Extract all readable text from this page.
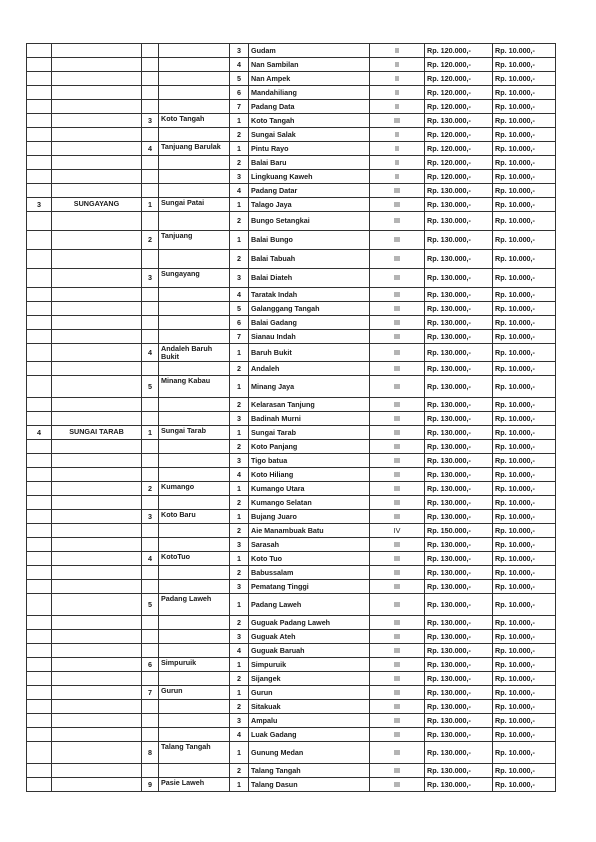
				3	Gudam	II	Rp. 120.000,-	Rp. 10.000,-
				4	Nan Sambilan	II	Rp. 120.000,-	Rp. 10.000,-
				5	Nan Ampek	II	Rp. 120.000,-	Rp. 10.000,-
				6	Mandahiliang	II	Rp. 120.000,-	Rp. 10.000,-
				7	Padang Data	II	Rp. 120.000,-	Rp. 10.000,-
		3	Koto Tangah	1	Koto Tangah	III	Rp. 130.000,-	Rp. 10.000,-
				2	Sungai Salak	II	Rp. 120.000,-	Rp. 10.000,-
		4	Tanjuang Barulak	1	Pintu Rayo	II	Rp. 120.000,-	Rp. 10.000,-
				2	Balai Baru	II	Rp. 120.000,-	Rp. 10.000,-
				3	Lingkuang Kaweh	II	Rp. 120.000,-	Rp. 10.000,-
				4	Padang Datar	III	Rp. 130.000,-	Rp. 10.000,-
3	SUNGAYANG	1	Sungai Patai	1	Talago Jaya	III	Rp. 130.000,-	Rp. 10.000,-
				2	Bungo Setangkai	III	Rp. 130.000,-	Rp. 10.000,-
		2	Tanjuang	1	Balai Bungo	III	Rp. 130.000,-	Rp. 10.000,-
				2	Balai Tabuah	III	Rp. 130.000,-	Rp. 10.000,-
		3	Sungayang	3	Balai Diateh	III	Rp. 130.000,-	Rp. 10.000,-
				4	Taratak Indah	III	Rp. 130.000,-	Rp. 10.000,-
				5	Galanggang Tangah	III	Rp. 130.000,-	Rp. 10.000,-
				6	Balai Gadang	III	Rp. 130.000,-	Rp. 10.000,-
				7	Sianau Indah	III	Rp. 130.000,-	Rp. 10.000,-
		4	Andaleh Baruh Bukit	1	Baruh Bukit	III	Rp. 130.000,-	Rp. 10.000,-
				2	Andaleh	III	Rp. 130.000,-	Rp. 10.000,-
		5	Minang Kabau	1	Minang Jaya	III	Rp. 130.000,-	Rp. 10.000,-
				2	Kelarasan Tanjung	III	Rp. 130.000,-	Rp. 10.000,-
				3	Badinah Murni	III	Rp. 130.000,-	Rp. 10.000,-
4	SUNGAI TARAB	1	Sungai Tarab	1	Sungai Tarab	III	Rp. 130.000,-	Rp. 10.000,-
				2	Koto Panjang	III	Rp. 130.000,-	Rp. 10.000,-
				3	Tigo batua	III	Rp. 130.000,-	Rp. 10.000,-
				4	Koto Hiliang	III	Rp. 130.000,-	Rp. 10.000,-
		2	Kumango	1	Kumango Utara	III	Rp. 130.000,-	Rp. 10.000,-
				2	Kumango Selatan	III	Rp. 130.000,-	Rp. 10.000,-
		3	Koto Baru	1	Bujang Juaro	III	Rp. 130.000,-	Rp. 10.000,-
				2	Aie Manambuak Batu	IV	Rp. 150.000,-	Rp. 10.000,-
				3	Sarasah	III	Rp. 130.000,-	Rp. 10.000,-
		4	KotoTuo	1	Koto Tuo	III	Rp. 130.000,-	Rp. 10.000,-
				2	Babussalam	III	Rp. 130.000,-	Rp. 10.000,-
				3	Pematang Tinggi	III	Rp. 130.000,-	Rp. 10.000,-
		5	Padang Laweh	1	Padang Laweh	III	Rp. 130.000,-	Rp. 10.000,-
				2	Guguak Padang Laweh	III	Rp. 130.000,-	Rp. 10.000,-
				3	Guguak Ateh	III	Rp. 130.000,-	Rp. 10.000,-
				4	Guguak Baruah	III	Rp. 130.000,-	Rp. 10.000,-
		6	Simpuruik	1	Simpuruik	III	Rp. 130.000,-	Rp. 10.000,-
				2	Sijangek	III	Rp. 130.000,-	Rp. 10.000,-
		7	Gurun	1	Gurun	III	Rp. 130.000,-	Rp. 10.000,-
				2	Sitakuak	III	Rp. 130.000,-	Rp. 10.000,-
				3	Ampalu	III	Rp. 130.000,-	Rp. 10.000,-
				4	Luak Gadang	III	Rp. 130.000,-	Rp. 10.000,-
		8	Talang Tangah	1	Gunung Medan	III	Rp. 130.000,-	Rp. 10.000,-
				2	Talang Tangah	III	Rp. 130.000,-	Rp. 10.000,-
		9	Pasie Laweh	1	Talang Dasun	III	Rp. 130.000,-	Rp. 10.000,-
